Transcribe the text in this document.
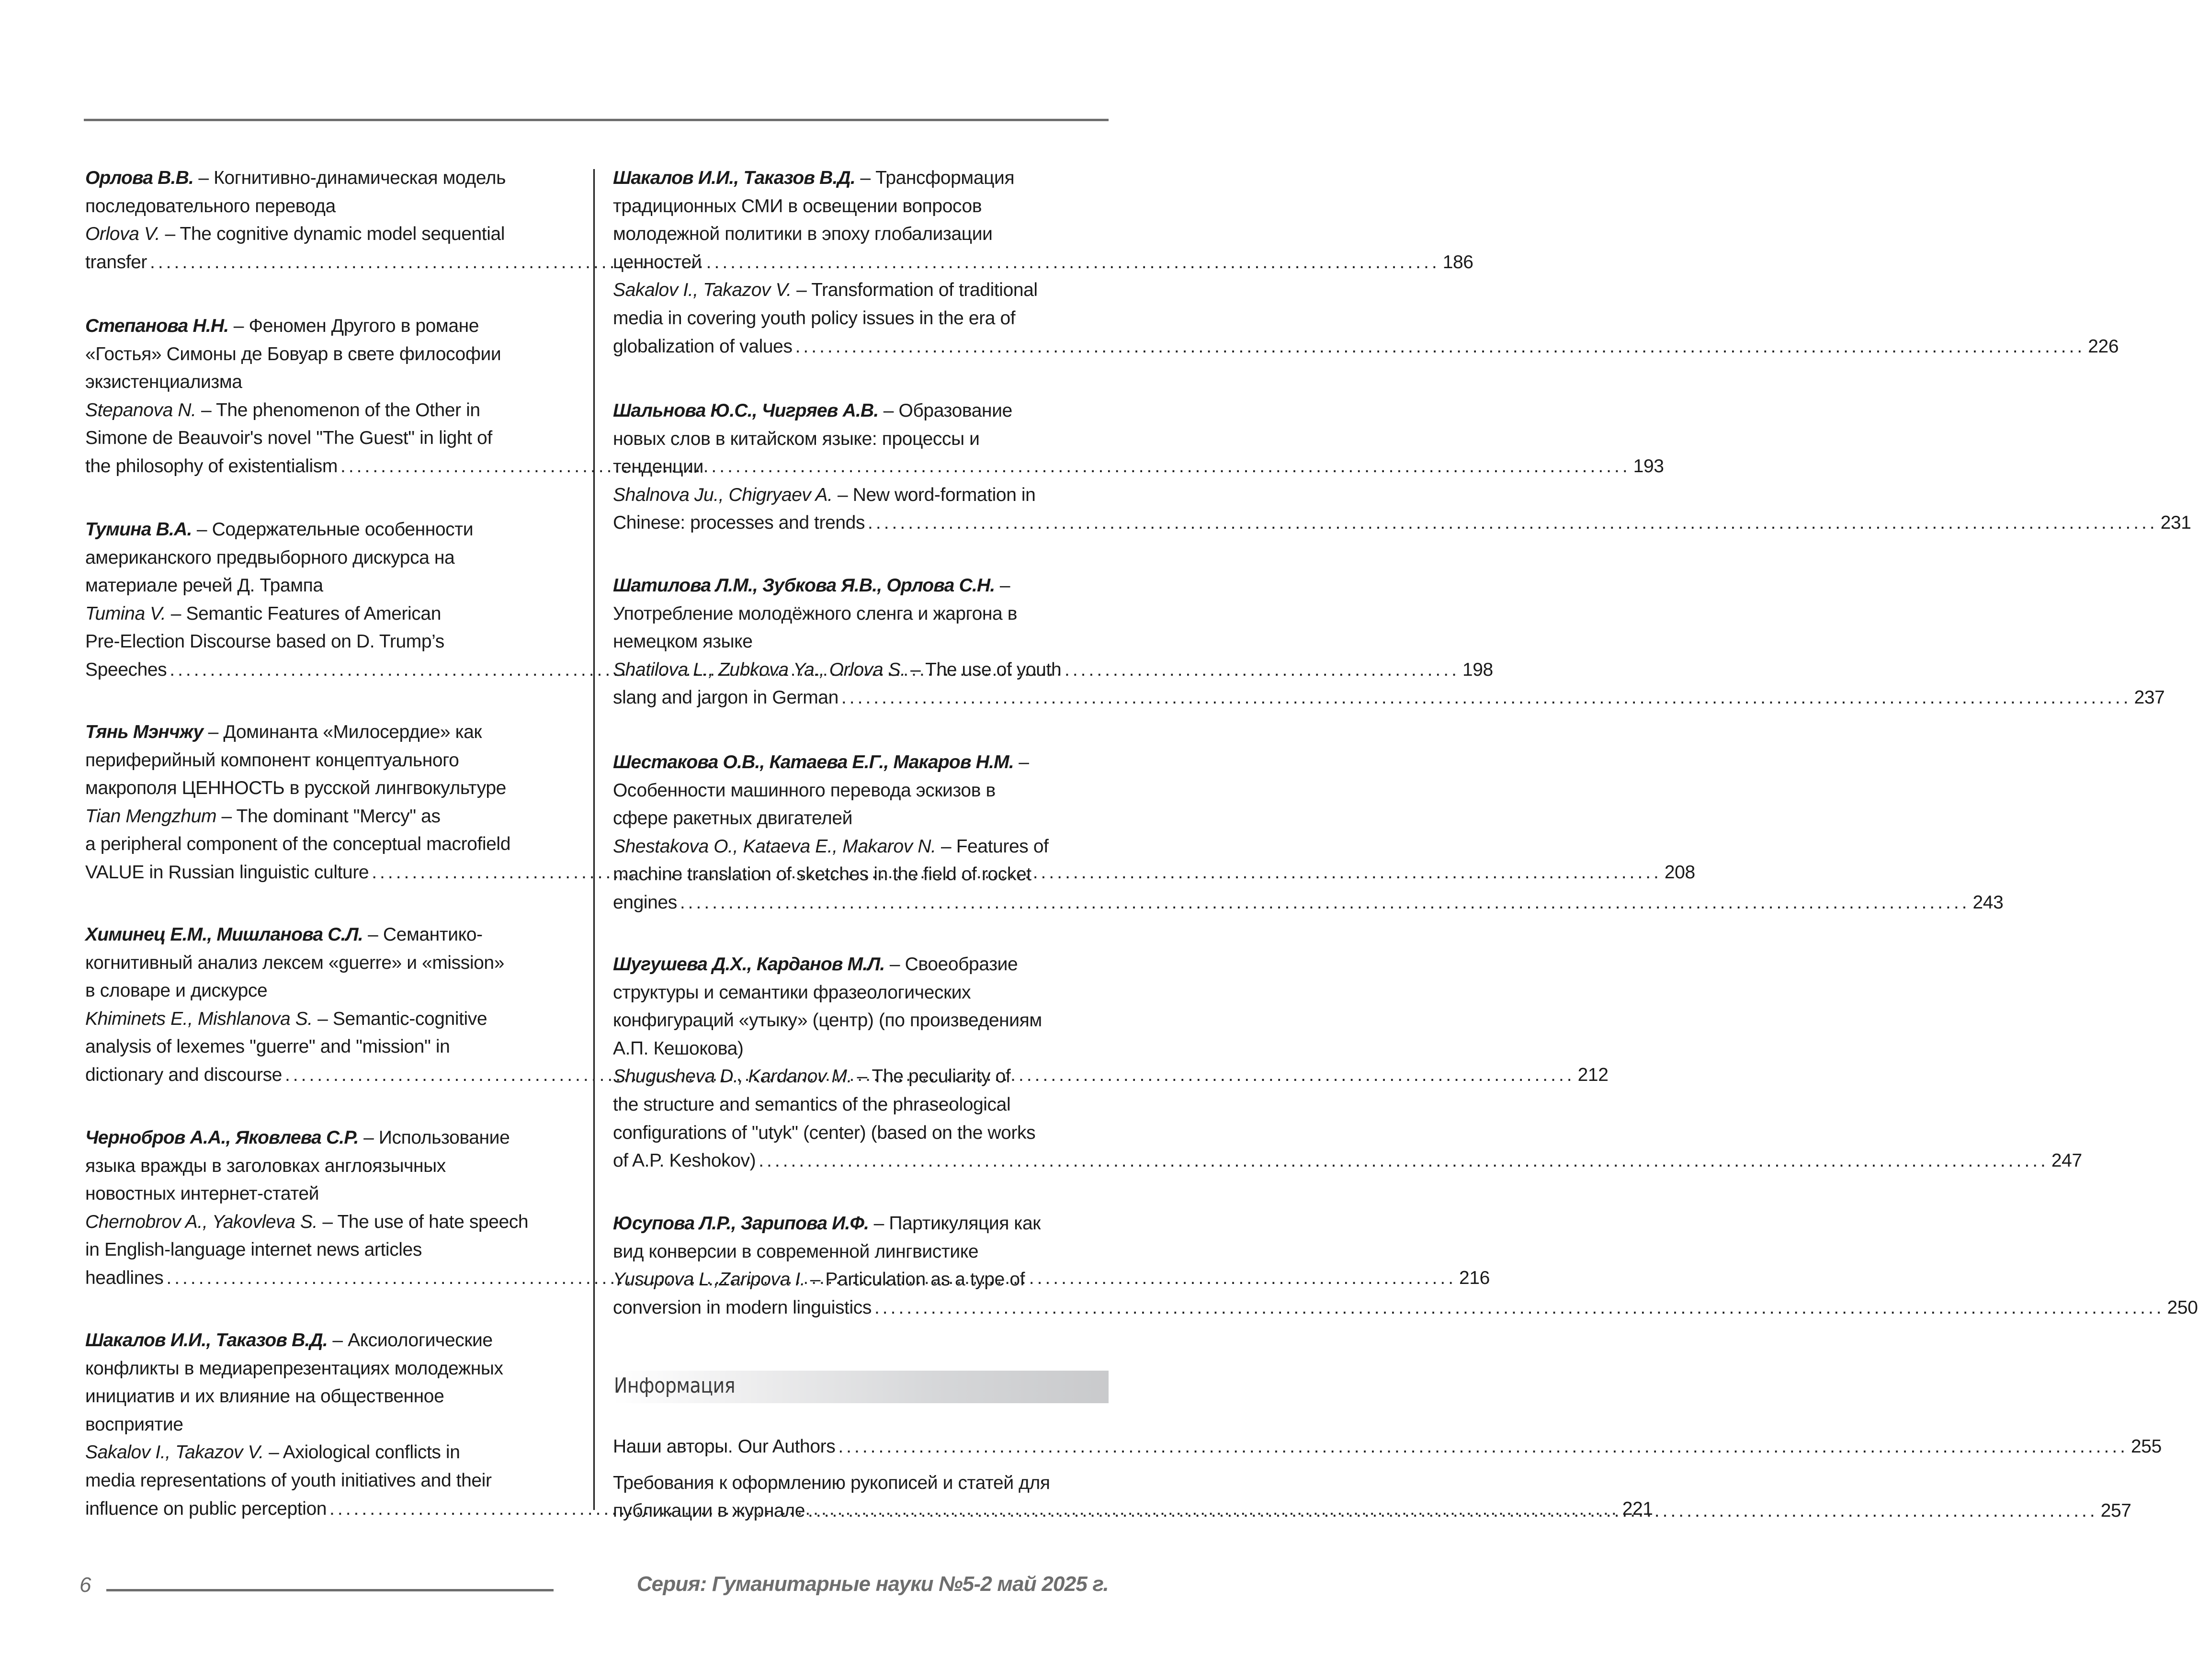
Орлова В.В. – Когнитивно-динамическая модель
последовательного перевода
Orlova V. – The cognitive dynamic model sequential
transfer .....	186
Степанова Н.Н. – Феномен Другого в романе
«Гостья» Симоны де Бовуар в свете философии
экзистенциализма
Stepanova N. – The phenomenon of the Other in
Simone de Beauvoir's novel "The Guest" in light of
the philosophy of existentialism .....	193
Тумина В.А. – Содержательные особенности
американского предвыборного дискурса на
материале речей Д. Трампа
Tumina V. – Semantic Features of American
Pre-Election Discourse based on D. Trump’s
Speeches .....	198
Тянь Мэнчжу – Доминанта «Милосердие» как
периферийный компонент концептуального
макрополя ЦЕННОСТЬ в русской лингвокультуре
Tian Mengzhum – The dominant "Mercy" as
a peripheral component of the conceptual macrofield
VALUE in Russian linguistic culture .....	208
Химинец Е.М., Мишланова С.Л. – Семантико-
когнитивный анализ лексем «guerre» и «mission»
в словаре и дискурсе
Khiminets E., Mishlanova S. – Semantic-cognitive
analysis of lexemes "guerre" and "mission" in
dictionary and discourse .....	212
Чернобров А.А., Яковлева С.Р. – Использование
языка вражды в заголовках англоязычных
новостных интернет-статей
Chernobrov A., Yakovleva S. – The use of hate speech
in English-language internet news articles
headlines .....	216
Шакалов И.И., Таказов В.Д. – Аксиологические
конфликты в медиарепрезентациях молодежных
инициатив и их влияние на общественное
восприятие
Sakalov I., Takazov V. – Axiological conflicts in
media representations of youth initiatives and their
influence on public perception .....	221
Шакалов И.И., Таказов В.Д. – Трансформация
традиционных СМИ в освещении вопросов
молодежной политики в эпоху глобализации
ценностей
Sakalov I., Takazov V. – Transformation of traditional
media in covering youth policy issues in the era of
globalization of values .....	226
Шальнова Ю.С., Чигряев А.В. – Образование
новых слов в китайском языке: процессы и
тенденции
Shalnova Ju., Chigryaev A. – New word-formation in
Chinese: processes and trends .....	231
Шатилова Л.М., Зубкова Я.В., Орлова С.Н. –
Употребление молодёжного сленга и жаргона в
немецком языке
Shatilova L., Zubkova Ya., Orlova S. – The use of youth
slang and jargon in German .....	237
Шестакова О.В., Катаева Е.Г., Макаров Н.М. –
Особенности машинного перевода эскизов в
сфере ракетных двигателей
Shestakova O., Kataeva E., Makarov N. – Features of
machine translation of sketches in the field of rocket
engines .....	243
Шугушева Д.Х., Карданов М.Л. – Своеобразие
структуры и семантики фразеологических
конфигураций «утыку» (центр) (по произведениям
А.П. Кешокова)
Shugusheva D., Kardanov M. – The peculiarity of
the structure and semantics of the phraseological
configurations of "utyk" (center) (based on the works
of A.P. Keshokov) .....	247
Юсупова Л.Р., Зарипова И.Ф. – Партикуляция как
вид конверсии в современной лингвистике
Yusupova L.,Zaripova I. – Particulation as a type of
conversion in modern linguistics .....	250
Информация
Наши авторы. Our Authors .....	255
Требования к оформлению рукописей и статей для
публикации в журнале .....	257
6	Серия: Гуманитарные науки №5-2 май 2025 г.
